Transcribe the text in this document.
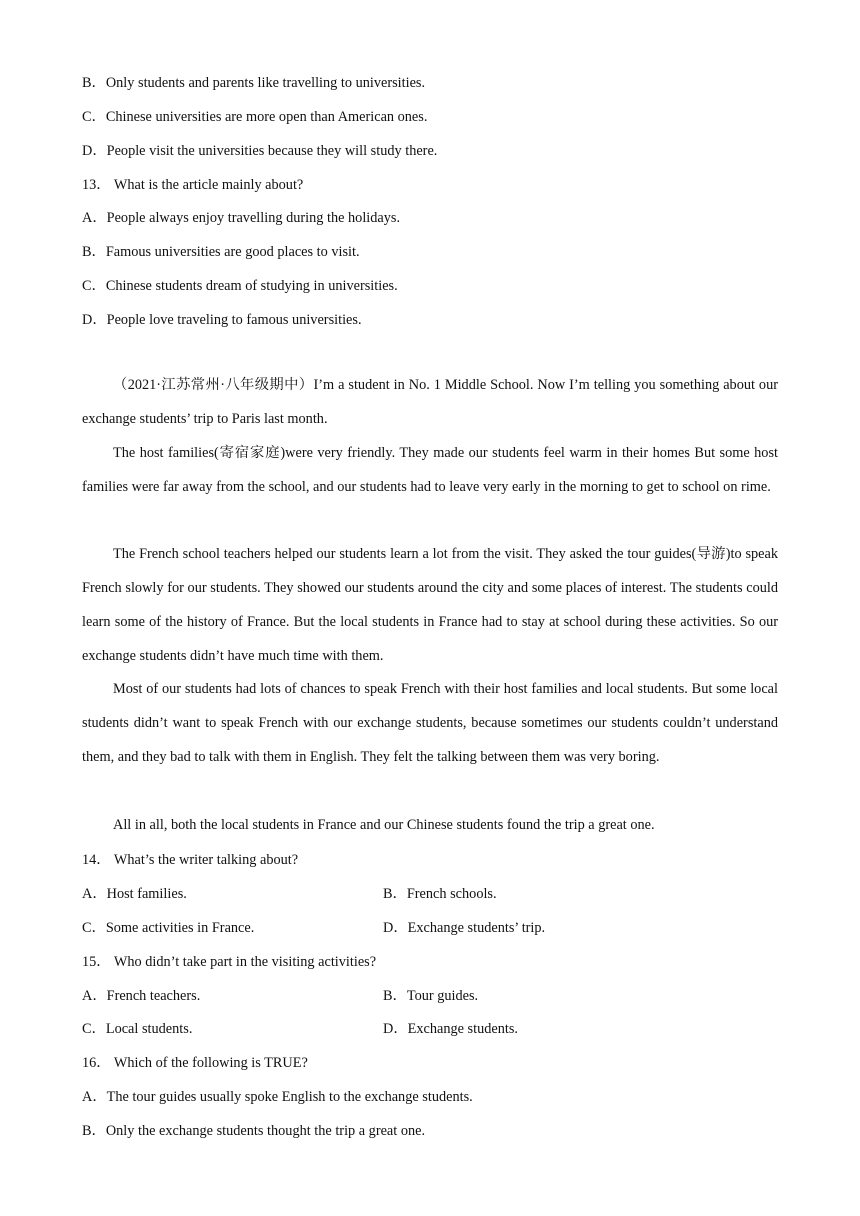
B．Only students and parents like travelling to universities.
C．Chinese universities are more open than American ones.
D．People visit the universities because they will study there.
13． What is the article mainly about?
A．People always enjoy travelling during the holidays.
B．Famous universities are good places to visit.
C．Chinese students dream of studying in universities.
D．People love traveling to famous universities.
（2021·江苏常州·八年级期中）I’m a student in No. 1 Middle School. Now I’m telling you something about our exchange students’ trip to Paris last month.
The host families(寄宿家庭)were very friendly. They made our students feel warm in their homes But some host families were far away from the school, and our students had to leave very early in the morning to get to school on rime.
The French school teachers helped our students learn a lot from the visit. They asked the tour guides(导游)to speak French slowly for our students. They showed our students around the city and some places of interest. The students could learn some of the history of France. But the local students in France had to stay at school during these activities. So our exchange students didn’t have much time with them.
Most of our students had lots of chances to speak French with their host families and local students. But some local students didn’t want to speak French with our exchange students, because sometimes our students couldn’t understand them, and they bad to talk with them in English. They felt the talking between them was very boring.
All in all, both the local students in France and our Chinese students found the trip a great one.
14． What’s the writer talking about?
A．Host families.	B．French schools.
C．Some activities in France.	D．Exchange students’ trip.
15． Who didn’t take part in the visiting activities?
A．French teachers.	B．Tour guides.
C．Local students.	D．Exchange students.
16． Which of the following is TRUE?
A．The tour guides usually spoke English to the exchange students.
B．Only the exchange students thought the trip a great one.
